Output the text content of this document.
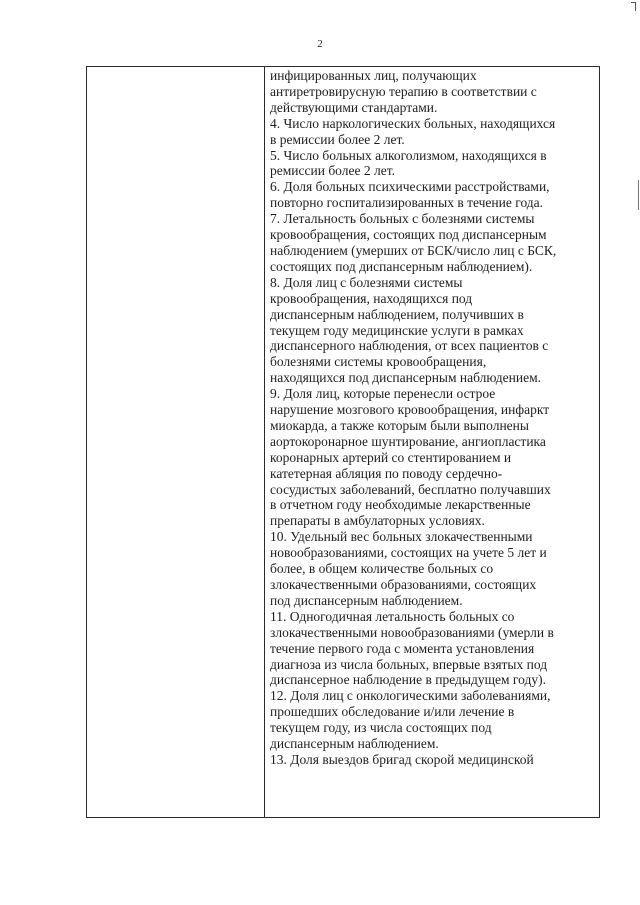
2
инфицированных лиц, получающих
антиретровирусную терапию в соответствии с
действующими стандартами.
4. Число наркологических больных, находящихся
в ремиссии более 2 лет.
5. Число больных алкоголизмом, находящихся в
ремиссии более 2 лет.
6. Доля больных психическими расстройствами,
повторно госпитализированных в течение года.
7. Летальность больных с болезнями системы
кровообращения, состоящих под диспансерным
наблюдением (умерших от БСК/число лиц с БСК,
состоящих под диспансерным наблюдением).
8. Доля лиц с болезнями системы
кровообращения, находящихся под
диспансерным наблюдением, получивших в
текущем году медицинские услуги в рамках
диспансерного наблюдения, от всех пациентов с
болезнями системы кровообращения,
находящихся под диспансерным наблюдением.
9. Доля лиц, которые перенесли острое
нарушение мозгового кровообращения, инфаркт
миокарда, а также которым были выполнены
аортокоронарное шунтирование, ангиопластика
коронарных артерий со стентированием и
катетерная абляция по поводу сердечно-
сосудистых заболеваний, бесплатно получавших
в отчетном году необходимые лекарственные
препараты в амбулаторных условиях.
10. Удельный вес больных злокачественными
новообразованиями, состоящих на учете 5 лет и
более, в общем количестве больных со
злокачественными образованиями, состоящих
под диспансерным наблюдением.
11. Одногодичная летальность больных со
злокачественными новообразованиями (умерли в
течение первого года с момента установления
диагноза из числа больных, впервые взятых под
диспансерное наблюдение в предыдущем году).
12. Доля лиц с онкологическими заболеваниями,
прошедших обследование и/или лечение в
текущем году, из числа состоящих под
диспансерным наблюдением.
13. Доля выездов бригад скорой медицинской
